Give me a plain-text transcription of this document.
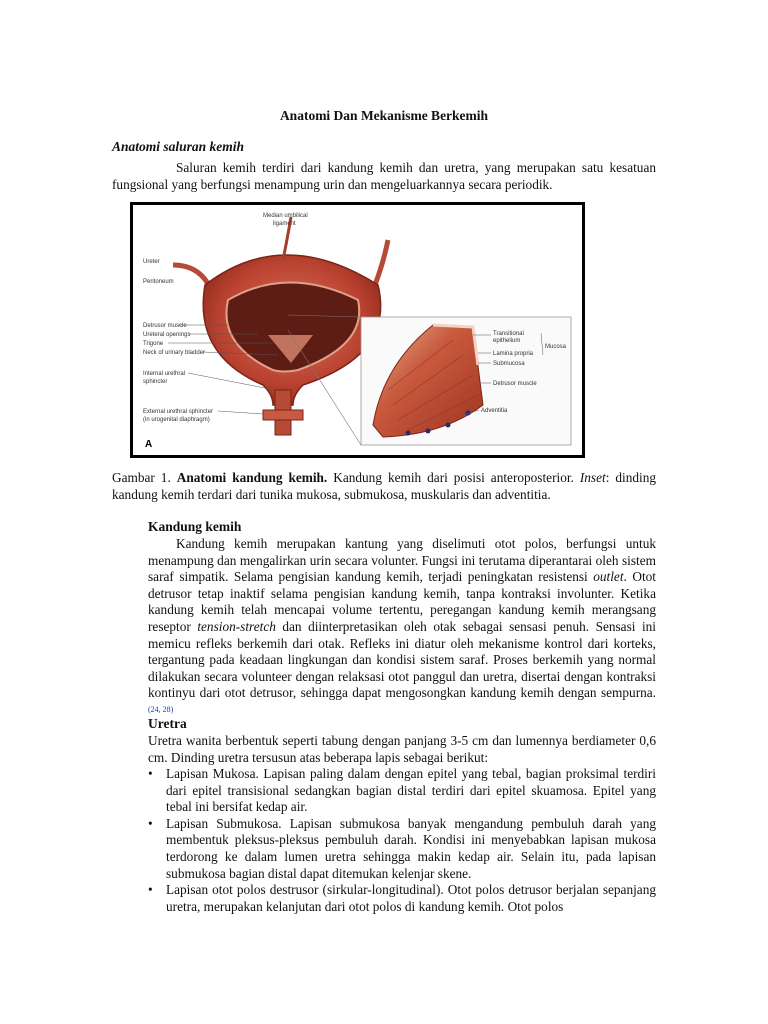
Anatomi Dan Mekanisme Berkemih
Anatomi saluran kemih
Saluran kemih terdiri dari kandung kemih dan uretra, yang merupakan satu kesatuan fungsional yang berfungsi menampung urin dan mengeluarkannya secara periodik.
Median umbilical
ligament
Ureter
Peritoneum
Detrusor muscle
Ureteral openings
Trigone
Neck of urinary bladder
Internal urethral
sphincter
External urethral sphincter
(in urogenital diaphragm)
A
Transitional
epithelium
Lamina propria
Mucosa
Submucosa
Detrusor muscle
Adventitia
Gambar 1. Anatomi kandung kemih. Kandung kemih dari posisi anteroposterior. Inset: dinding kandung kemih terdari dari tunika mukosa, submukosa, muskularis dan adventitia.
Kandung kemih
Kandung kemih merupakan kantung yang diselimuti otot polos, berfungsi untuk menampung dan mengalirkan urin secara volunter. Fungsi ini terutama diperantarai oleh sistem saraf simpatik. Selama pengisian kandung kemih, terjadi peningkatan resistensi outlet. Otot detrusor tetap inaktif selama pengisian kandung kemih, tanpa kontraksi involunter. Ketika kandung kemih telah mencapai volume tertentu, peregangan kandung kemih merangsang reseptor tension-stretch dan diinterpretasikan oleh otak sebagai sensasi penuh. Sensasi ini memicu refleks berkemih dari otak. Refleks ini diatur oleh mekanisme kontrol dari korteks, tergantung pada keadaan lingkungan dan kondisi sistem saraf. Proses berkemih yang normal dilakukan secara volunteer dengan relaksasi otot panggul dan uretra, disertai dengan kontraksi kontinyu dari otot detrusor, sehingga dapat mengosongkan kandung kemih dengan sempurna.$^{(24, 28)}$
Uretra
Uretra wanita berbentuk seperti tabung dengan panjang 3-5 cm dan lumennya berdiameter 0,6 cm. Dinding uretra tersusun atas beberapa lapis sebagai berikut:
• Lapisan Mukosa. Lapisan paling dalam dengan epitel yang tebal, bagian proksimal terdiri dari epitel transisional sedangkan bagian distal terdiri dari epitel skuamosa. Epitel yang tebal ini bersifat kedap air.
• Lapisan Submukosa. Lapisan submukosa banyak mengandung pembuluh darah yang membentuk pleksus-pleksus pembuluh darah. Kondisi ini menyebabkan lapisan mukosa terdorong ke dalam lumen uretra sehingga makin kedap air. Selain itu, pada lapisan submukosa bagian distal dapat ditemukan kelenjar skene.
• Lapisan otot polos destrusor (sirkular-longitudinal). Otot polos detrusor berjalan sepanjang uretra, merupakan kelanjutan dari otot polos di kandung kemih. Otot polos
